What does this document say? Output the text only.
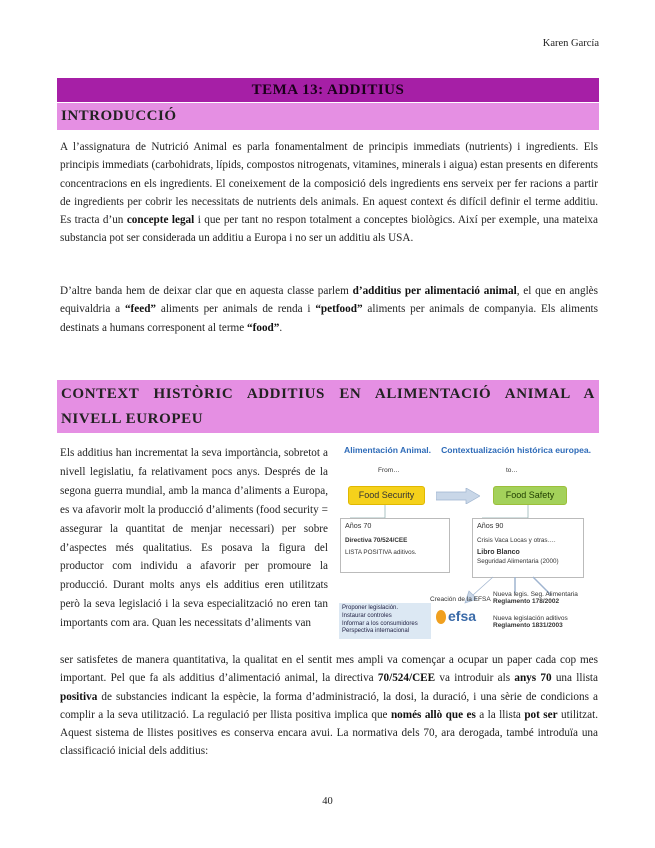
Karen García
TEMA 13: ADDITIUS
INTRODUCCIÓ

A l’assignatura de Nutrició Animal es parla fonamentalment de principis immediats (nutrients) i ingredients. Els principis immediats (carbohidrats, lípids, compostos nitrogenats, vitamines, minerals i aigua) estan presents en diferents concentracions en els ingredients. El coneixement de la composició dels ingredients ens serveix per fer racions a partir de ingredients per cobrir les necessitats de nutrients dels animals. En aquest context és difícil definir el terme additiu. Es tracta d’un concepte legal i que per tant no respon totalment a conceptes biològics. Així per exemple, una mateixa substancia pot ser considerada un additiu a Europa i no ser un additiu als USA.

D’altre banda hem de deixar clar que en aquesta classe parlem d’additius per alimentació animal, el que en anglès equivaldria a “feed” aliments per animals de renda i “petfood” aliments per animals de companyia. Els aliments destinats a humans corresponent al terme “food”.

CONTEXT HISTÒRIC ADDITIUS EN ALIMENTACIÓ ANIMAL A NIVELL EUROPEU

Els additius han incrementat la seva importància, sobretot a nivell legislatiu, fa relativament pocs anys. Després de la segona guerra mundial, amb la manca d’aliments a Europa, es va afavorir molt la producció d’aliments (food security = assegurar la quantitat de menjar necessari) per sobre d’aspectes més qualitatius. Es posava la figura del productor com individu a afavorir per promoure la producció. Durant molts anys els additius eren utilitzats però la seva legislació i la seva especialització no eren tan importants com ara. Quan les necessitats d’aliments van

Alimentación Animal. Contextualización histórica europea.
From…	to…
Food Security	Food Safety
Años 70
Directiva 70/524/CEE
LISTA POSITIVA aditivos.
Años 90
Crisis Vaca Locas y otras….
Libro Blanco
Seguridad Alimentaria (2000)
Creación de la EFSA
Proponer legislación.
Instaurar controles
Informar a los consumidores
Perspectiva internacional
efsa
Nueva legis. Seg. Alimentaria
Reglamento 178/2002
Nueva legislación aditivos
Reglamento 1831/2003

ser satisfetes de manera quantitativa, la qualitat en el sentit mes ampli va començar a ocupar un paper cada cop mes important. Pel que fa als additius d’alimentació animal, la directiva 70/524/CEE va introduir als anys 70 una llista positiva de substancies indicant la espècie, la forma d’administració, la dosi, la duració, i una sèrie de condicions a complir a la seva utilització. La regulació per llista positiva implica que només allò que es a la llista pot ser utilitzat. Aquest sistema de llistes positives es conserva encara avui. La normativa dels 70, ara derogada, també introduïa una classificació inicial dels additius:

40
